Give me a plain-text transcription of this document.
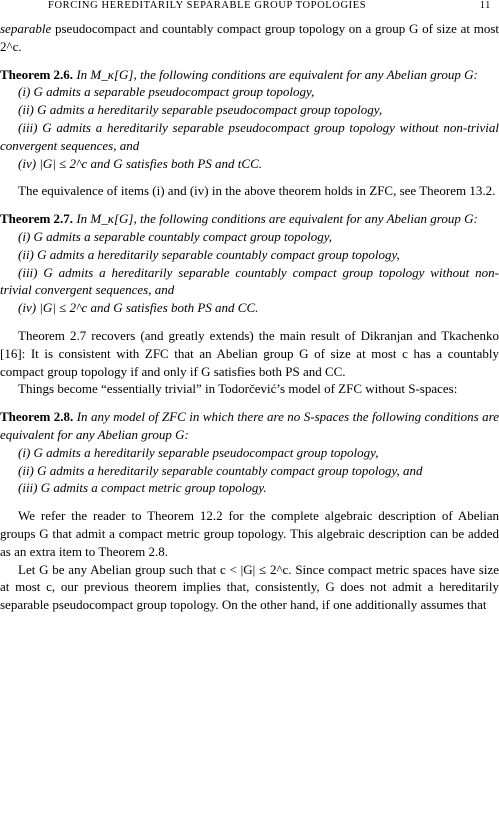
FORCING HEREDITARILY SEPARABLE GROUP TOPOLOGIES	11

separable pseudocompact and countably compact group topology on a group G of size at most 2^c.

Theorem 2.6. In M_κ[G], the following conditions are equivalent for any Abelian group G:

(i) G admits a separable pseudocompact group topology,

(ii) G admits a hereditarily separable pseudocompact group topology,

(iii) G admits a hereditarily separable pseudocompact group topology without non-trivial convergent sequences, and

(iv) |G| ≤ 2^c and G satisfies both PS and tCC.

The equivalence of items (i) and (iv) in the above theorem holds in ZFC, see Theorem 13.2.

Theorem 2.7. In M_κ[G], the following conditions are equivalent for any Abelian group G:

(i) G admits a separable countably compact group topology,

(ii) G admits a hereditarily separable countably compact group topology,

(iii) G admits a hereditarily separable countably compact group topology without non-trivial convergent sequences, and

(iv) |G| ≤ 2^c and G satisfies both PS and CC.

Theorem 2.7 recovers (and greatly extends) the main result of Dikranjan and Tkachenko [16]: It is consistent with ZFC that an Abelian group G of size at most c has a countably compact group topology if and only if G satisfies both PS and CC.

Things become “essentially trivial” in Todorčević’s model of ZFC without S-spaces:

Theorem 2.8. In any model of ZFC in which there are no S-spaces the following conditions are equivalent for any Abelian group G:

(i) G admits a hereditarily separable pseudocompact group topology,

(ii) G admits a hereditarily separable countably compact group topology, and

(iii) G admits a compact metric group topology.

We refer the reader to Theorem 12.2 for the complete algebraic description of Abelian groups G that admit a compact metric group topology. This algebraic description can be added as an extra item to Theorem 2.8.

Let G be any Abelian group such that c < |G| ≤ 2^c. Since compact metric spaces have size at most c, our previous theorem implies that, consistently, G does not admit a hereditarily separable pseudocompact group topology. On the other hand, if one additionally assumes that
